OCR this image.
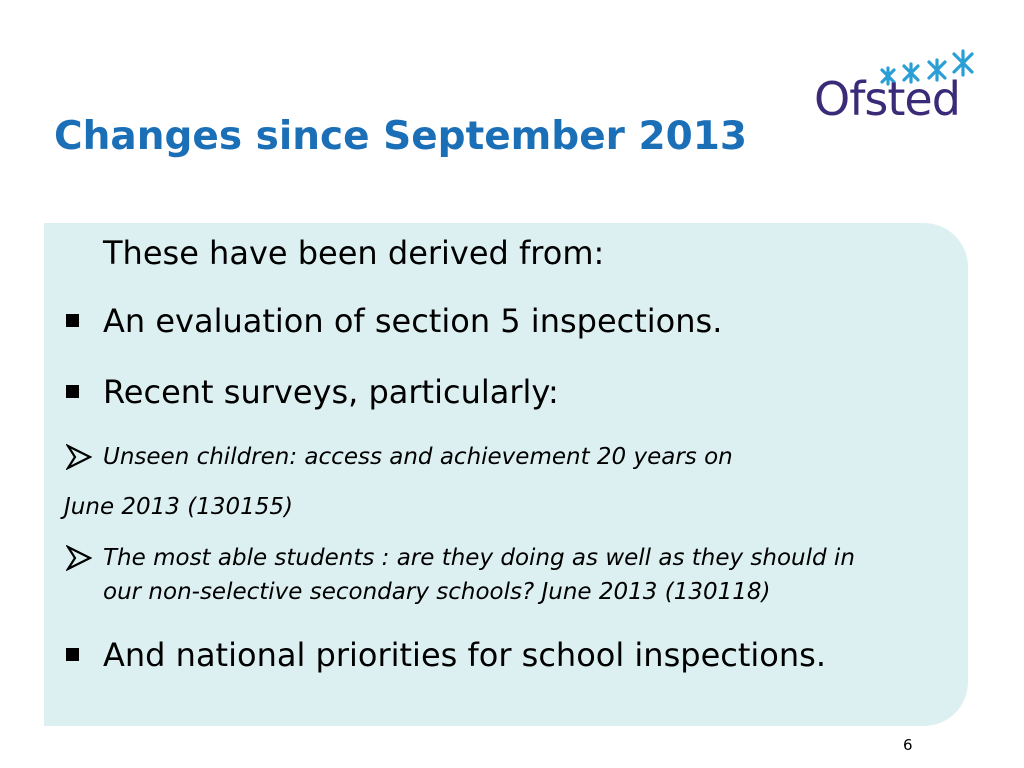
Changes since September 2013
Ofsted
These have been derived from:
An evaluation of section 5 inspections.
Recent surveys, particularly:
Unseen children: access and achievement 20 years on
June 2013 (130155)
The most able students : are they doing as well as they should in
our non-selective secondary schools? June 2013 (130118)
And national priorities for school inspections.
6
